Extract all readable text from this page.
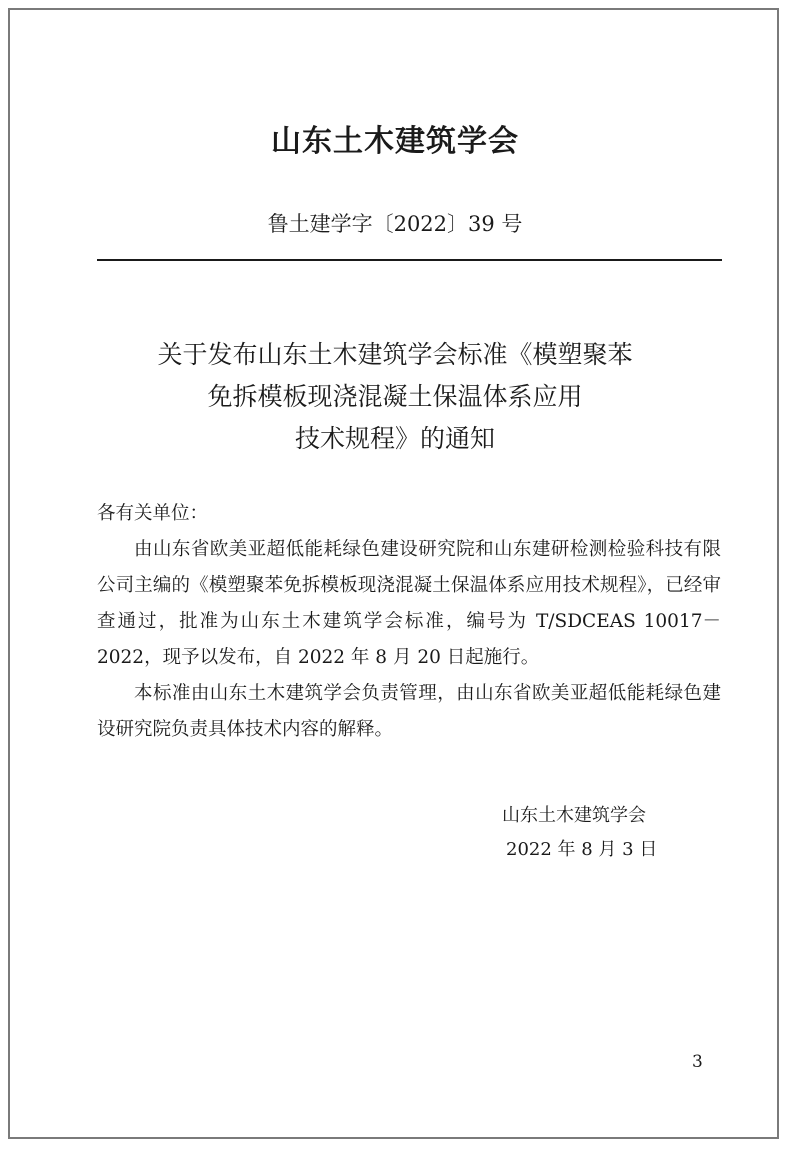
山东土木建筑学会
鲁土建学字〔2022〕39 号
关于发布山东土木建筑学会标准《模塑聚苯
免拆模板现浇混凝土保温体系应用
技术规程》的通知

各有关单位：

由山东省欧美亚超低能耗绿色建设研究院和山东建研检测检验科技有限公司主编的《模塑聚苯免拆模板现浇混凝土保温体系应用技术规程》，已经审查通过，批准为山东土木建筑学会标准，编号为 T/SDCEAS 10017－2022，现予以发布，自 2022 年 8 月 20 日起施行。

本标准由山东土木建筑学会负责管理，由山东省欧美亚超低能耗绿色建设研究院负责具体技术内容的解释。

山东土木建筑学会
2022 年 8 月 3 日
3
